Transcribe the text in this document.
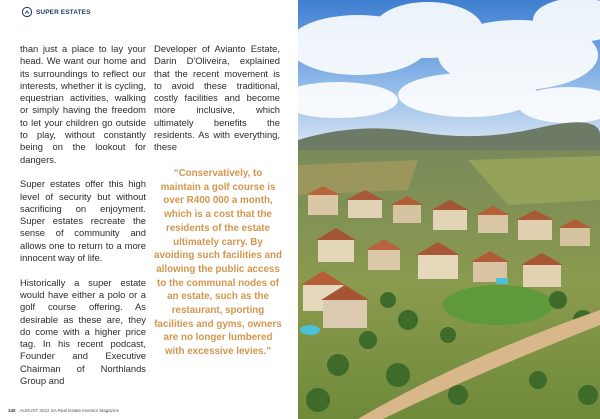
SUPER ESTATES

than just a place to lay your head. We want our home and its surroundings to reflect our interests, whether it is cycling, equestrian activities, walking or simply having the freedom to let your children go outside to play, without constantly being on the lookout for dangers.

Super estates offer this high level of security but without sacrificing on enjoyment. Super estates recreate the sense of community and allows one to return to a more innocent way of life.

Historically a super estate would have either a polo or a golf course offering. As desirable as these are, they do come with a higher price tag. In his recent podcast, Founder and Executive Chairman of Northlands Group and

Developer of Avianto Estate, Darin D'Oliveira, explained that the recent movement is to avoid these traditional, costly facilities and become more inclusive, which ultimately benefits the residents. As with everything, these

“Conservatively, to maintain a golf course is over R400 000 a month, which is a cost that the residents of the estate ultimately carry. By avoiding such facilities and allowing the public access to the communal nodes of an estate, such as the restaurant, sporting facilities and gyms, owners are no longer lumbered with excessive levies.”
140 AUGUST 2022 SA Real Estate Investor Magazine
